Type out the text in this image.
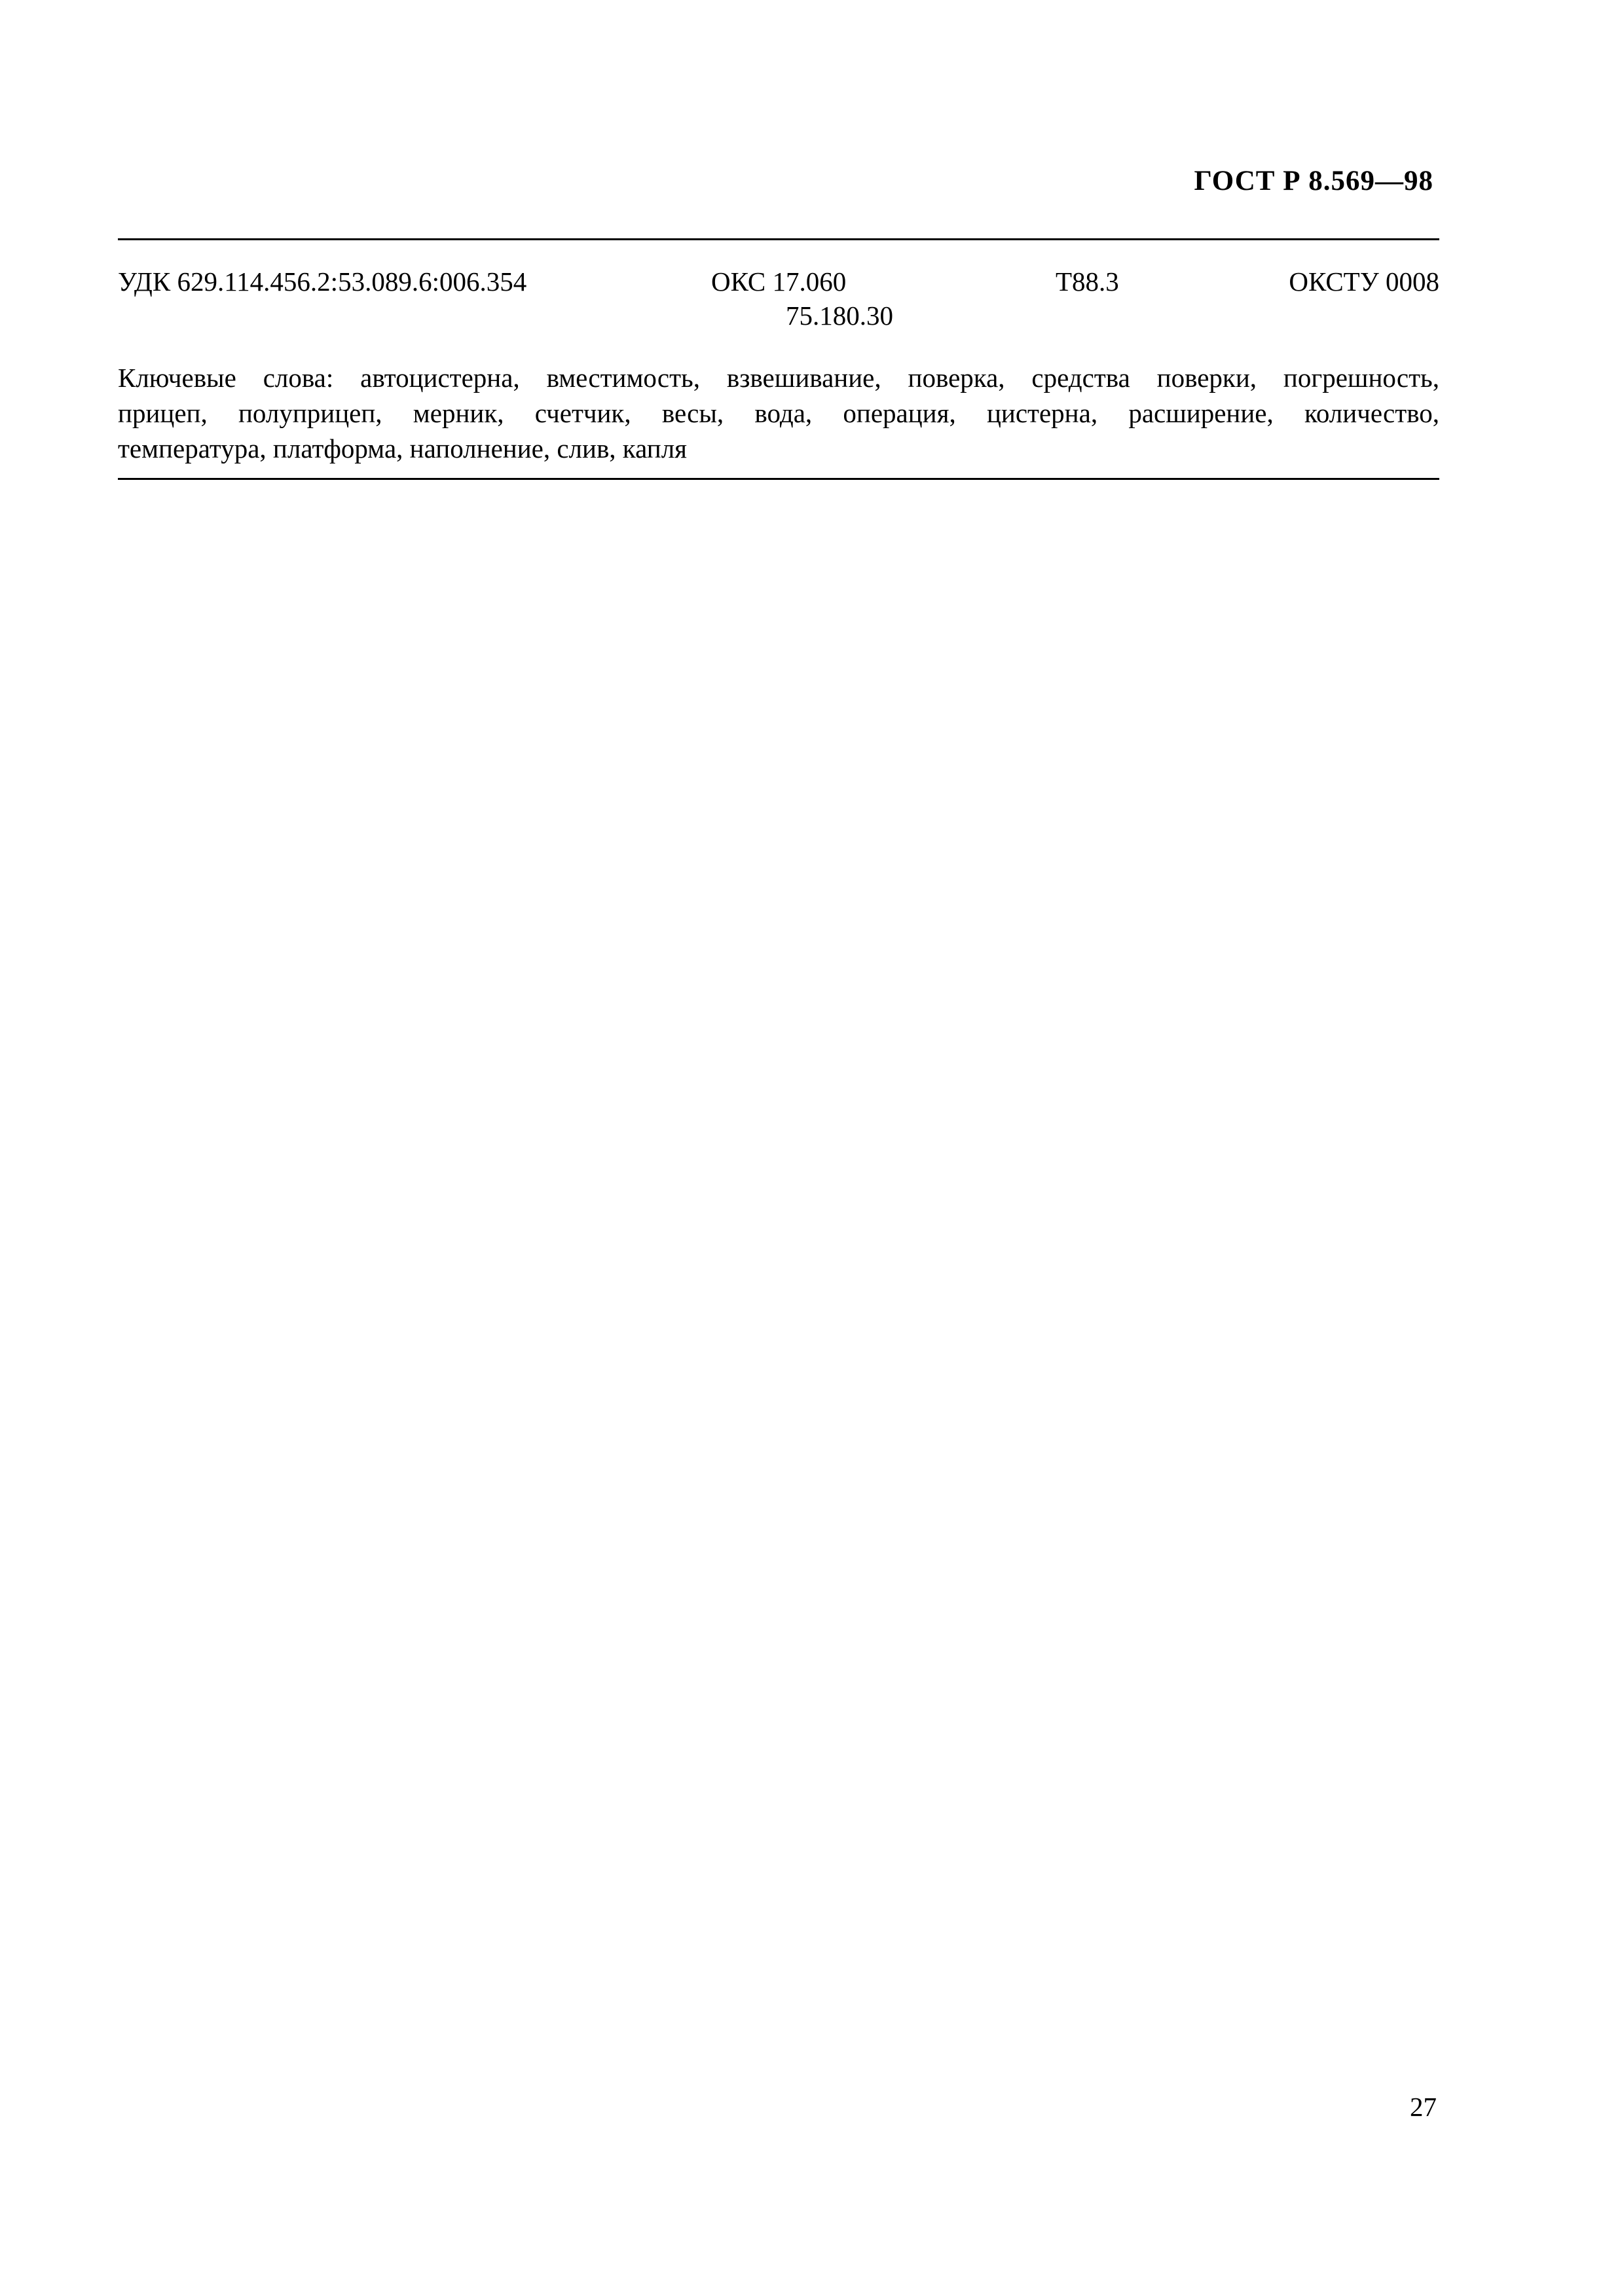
ГОСТ Р 8.569—98
УДК 629.114.456.2:53.089.6:006.354	ОКС 17.060
75.180.30
Т88.3	ОКСТУ 0008
Ключевые слова: автоцистерна, вместимость, взвешивание, поверка, средства поверки, погрешность,
прицеп, полуприцеп, мерник, счетчик, весы, вода, операция, цистерна, расширение, количество,
температура, платформа, наполнение, слив, капля
27
